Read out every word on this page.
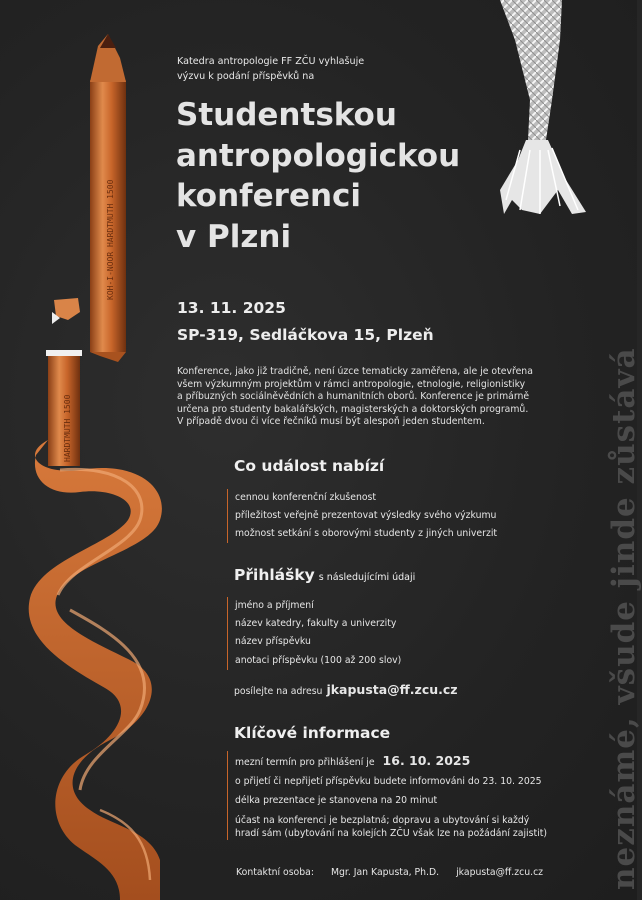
KOH-I-NOOR HARDTMUTH 1500
HARDTMUTH 1500	neznámé, všude jinde zůstává
Katedra antropologie FF ZČU vyhlašuje
výzvu k podání příspěvků na
Studentskou
antropologickou
konferenci
v Plzni
13. 11. 2025
SP-319, Sedláčkova 15, Plzeň
Konference, jako již tradičně, není úzce tematicky zaměřena, ale je otevřena
všem výzkumným projektům v rámci antropologie, etnologie, religionistiky
a příbuzných sociálněvědních a humanitních oborů. Konference je primárně
určena pro studenty bakalářských, magisterských a doktorských programů.
V případě dvou či více řečníků musí být alespoň jeden studentem.
Co událost nabízí
cennou konferenční zkušenost
příležitost veřejně prezentovat výsledky svého výzkumu
možnost setkání s oborovými studenty z jiných univerzit
Přihlášky s následujícími údaji
jméno a příjmení
název katedry, fakulty a univerzity
název příspěvku
anotaci příspěvku (100 až 200 slov)
posílejte na adresu jkapusta@ff.zcu.cz
Klíčové informace
mezní termín pro přihlášení je 16. 10. 2025
o přijetí či nepřijetí příspěvku budete informováni do 23. 10. 2025
délka prezentace je stanovena na 20 minut
účast na konferenci je bezplatná; dopravu a ubytování si každý
hradí sám (ubytování na kolejích ZČU však lze na požádání zajistit)
Kontaktní osoba: Mgr. Jan Kapusta, Ph.D. jkapusta@ff.zcu.cz
